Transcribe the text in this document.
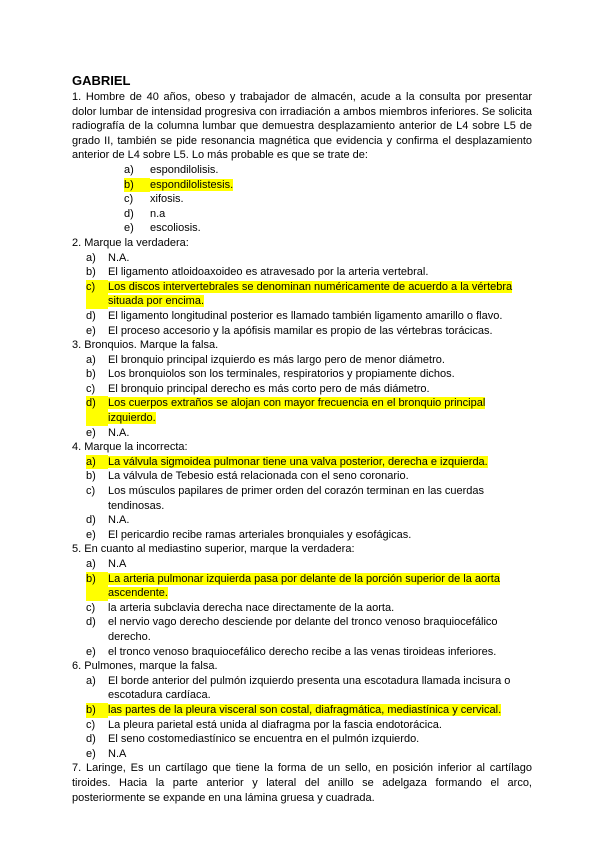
GABRIEL
1. Hombre de 40 años, obeso y trabajador de almacén, acude a la consulta por presentar dolor lumbar de intensidad progresiva con irradiación a ambos miembros inferiores. Se solicita radiografía de la columna lumbar que demuestra desplazamiento anterior de L4 sobre L5 de grado II, también se pide resonancia magnética que evidencia y confirma el desplazamiento anterior de L4 sobre L5. Lo más probable es que se trate de:
a)	espondilolisis.
b)	espondilolistesis.
c)	xifosis.
d)	n.a
e)	escoliosis.
2. Marque la verdadera:
a)	N.A.
b)	El ligamento atloidoaxoideo es atravesado por la arteria vertebral.
c)	Los discos intervertebrales se denominan numéricamente de acuerdo a la vértebra situada por encima.
d)	El ligamento longitudinal posterior es llamado también ligamento amarillo o flavo.
e)	El proceso accesorio y la apófisis mamilar es propio de las vértebras torácicas.
3. Bronquios. Marque la falsa.
a)	El bronquio principal izquierdo es más largo pero de menor diámetro.
b)	Los bronquiolos son los terminales, respiratorios y propiamente dichos.
c)	El bronquio principal derecho es más corto pero de más diámetro.
d)	Los cuerpos extraños se alojan con mayor frecuencia en el bronquio principal izquierdo.
e)	N.A.
4. Marque la incorrecta:
a)	La válvula sigmoidea pulmonar tiene una valva posterior, derecha e izquierda.
b)	La válvula de Tebesio está relacionada con el seno coronario.
c)	Los músculos papilares de primer orden del corazón terminan en las cuerdas tendinosas.
d)	N.A.
e)	El pericardio recibe ramas arteriales bronquiales y esofágicas.
5. En cuanto al mediastino superior, marque la verdadera:
a)	N.A
b)	La arteria pulmonar izquierda pasa por delante de la porción superior de la aorta ascendente.
c)	la arteria subclavia derecha nace directamente de la aorta.
d)	el nervio vago derecho desciende por delante del tronco venoso braquiocefálico derecho.
e)	el tronco venoso braquiocefálico derecho recibe a las venas tiroideas inferiores.
6. Pulmones, marque la falsa.
a)	El borde anterior del pulmón izquierdo presenta una escotadura llamada incisura o escotadura cardíaca.
b)	las partes de la pleura visceral son costal, diafragmática, mediastínica y cervical.
c)	La pleura parietal está unida al diafragma por la fascia endotorácica.
d)	El seno costomediastínico se encuentra en el pulmón izquierdo.
e)	N.A
7. Laringe, Es un cartílago que tiene la forma de un sello, en posición inferior al cartílago tiroides. Hacia la parte anterior y lateral del anillo se adelgaza formando el arco, posteriormente se expande en una lámina gruesa y cuadrada.
